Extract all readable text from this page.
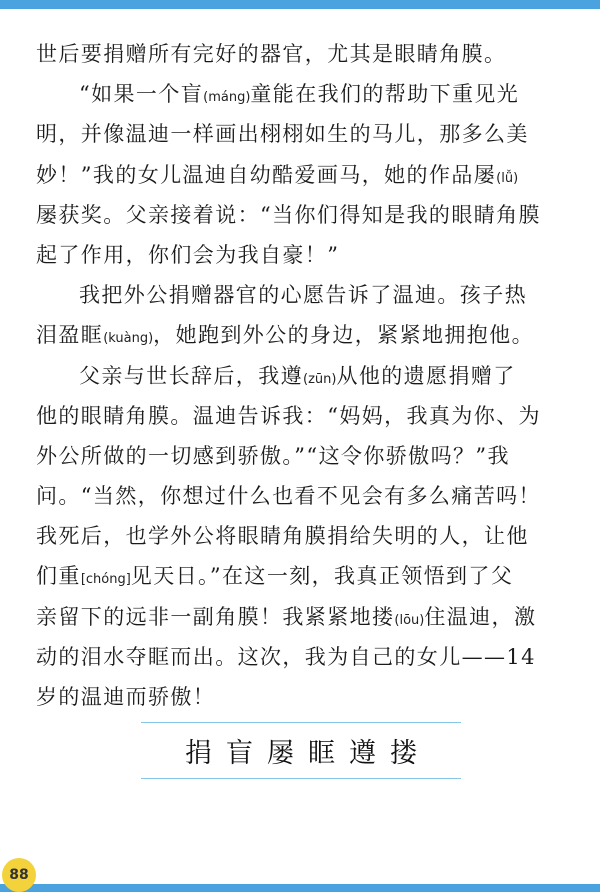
世后要捐赠所有完好的器官，尤其是眼睛角膜。
“如果一个盲(máng)童能在我们的帮助下重见光
明，并像温迪一样画出栩栩如生的马儿，那多么美
妙！”我的女儿温迪自幼酷爱画马，她的作品屡(lǚ)
屡获奖。父亲接着说：“当你们得知是我的眼睛角膜
起了作用，你们会为我自豪！”
我把外公捐赠器官的心愿告诉了温迪。孩子热
泪盈眶(kuàng)，她跑到外公的身边，紧紧地拥抱他。
父亲与世长辞后，我遵(zūn)从他的遗愿捐赠了
他的眼睛角膜。温迪告诉我：“妈妈，我真为你、为
外公所做的一切感到骄傲。”“这令你骄傲吗？”我
问。“当然，你想过什么也看不见会有多么痛苦吗！
我死后，也学外公将眼睛角膜捐给失明的人，让他
们重[chóng]见天日。”在这一刻，我真正领悟到了父
亲留下的远非一副角膜！我紧紧地搂(lōu)住温迪，激
动的泪水夺眶而出。这次，我为自己的女儿——14
岁的温迪而骄傲！
捐盲屡眶遵搂
88
